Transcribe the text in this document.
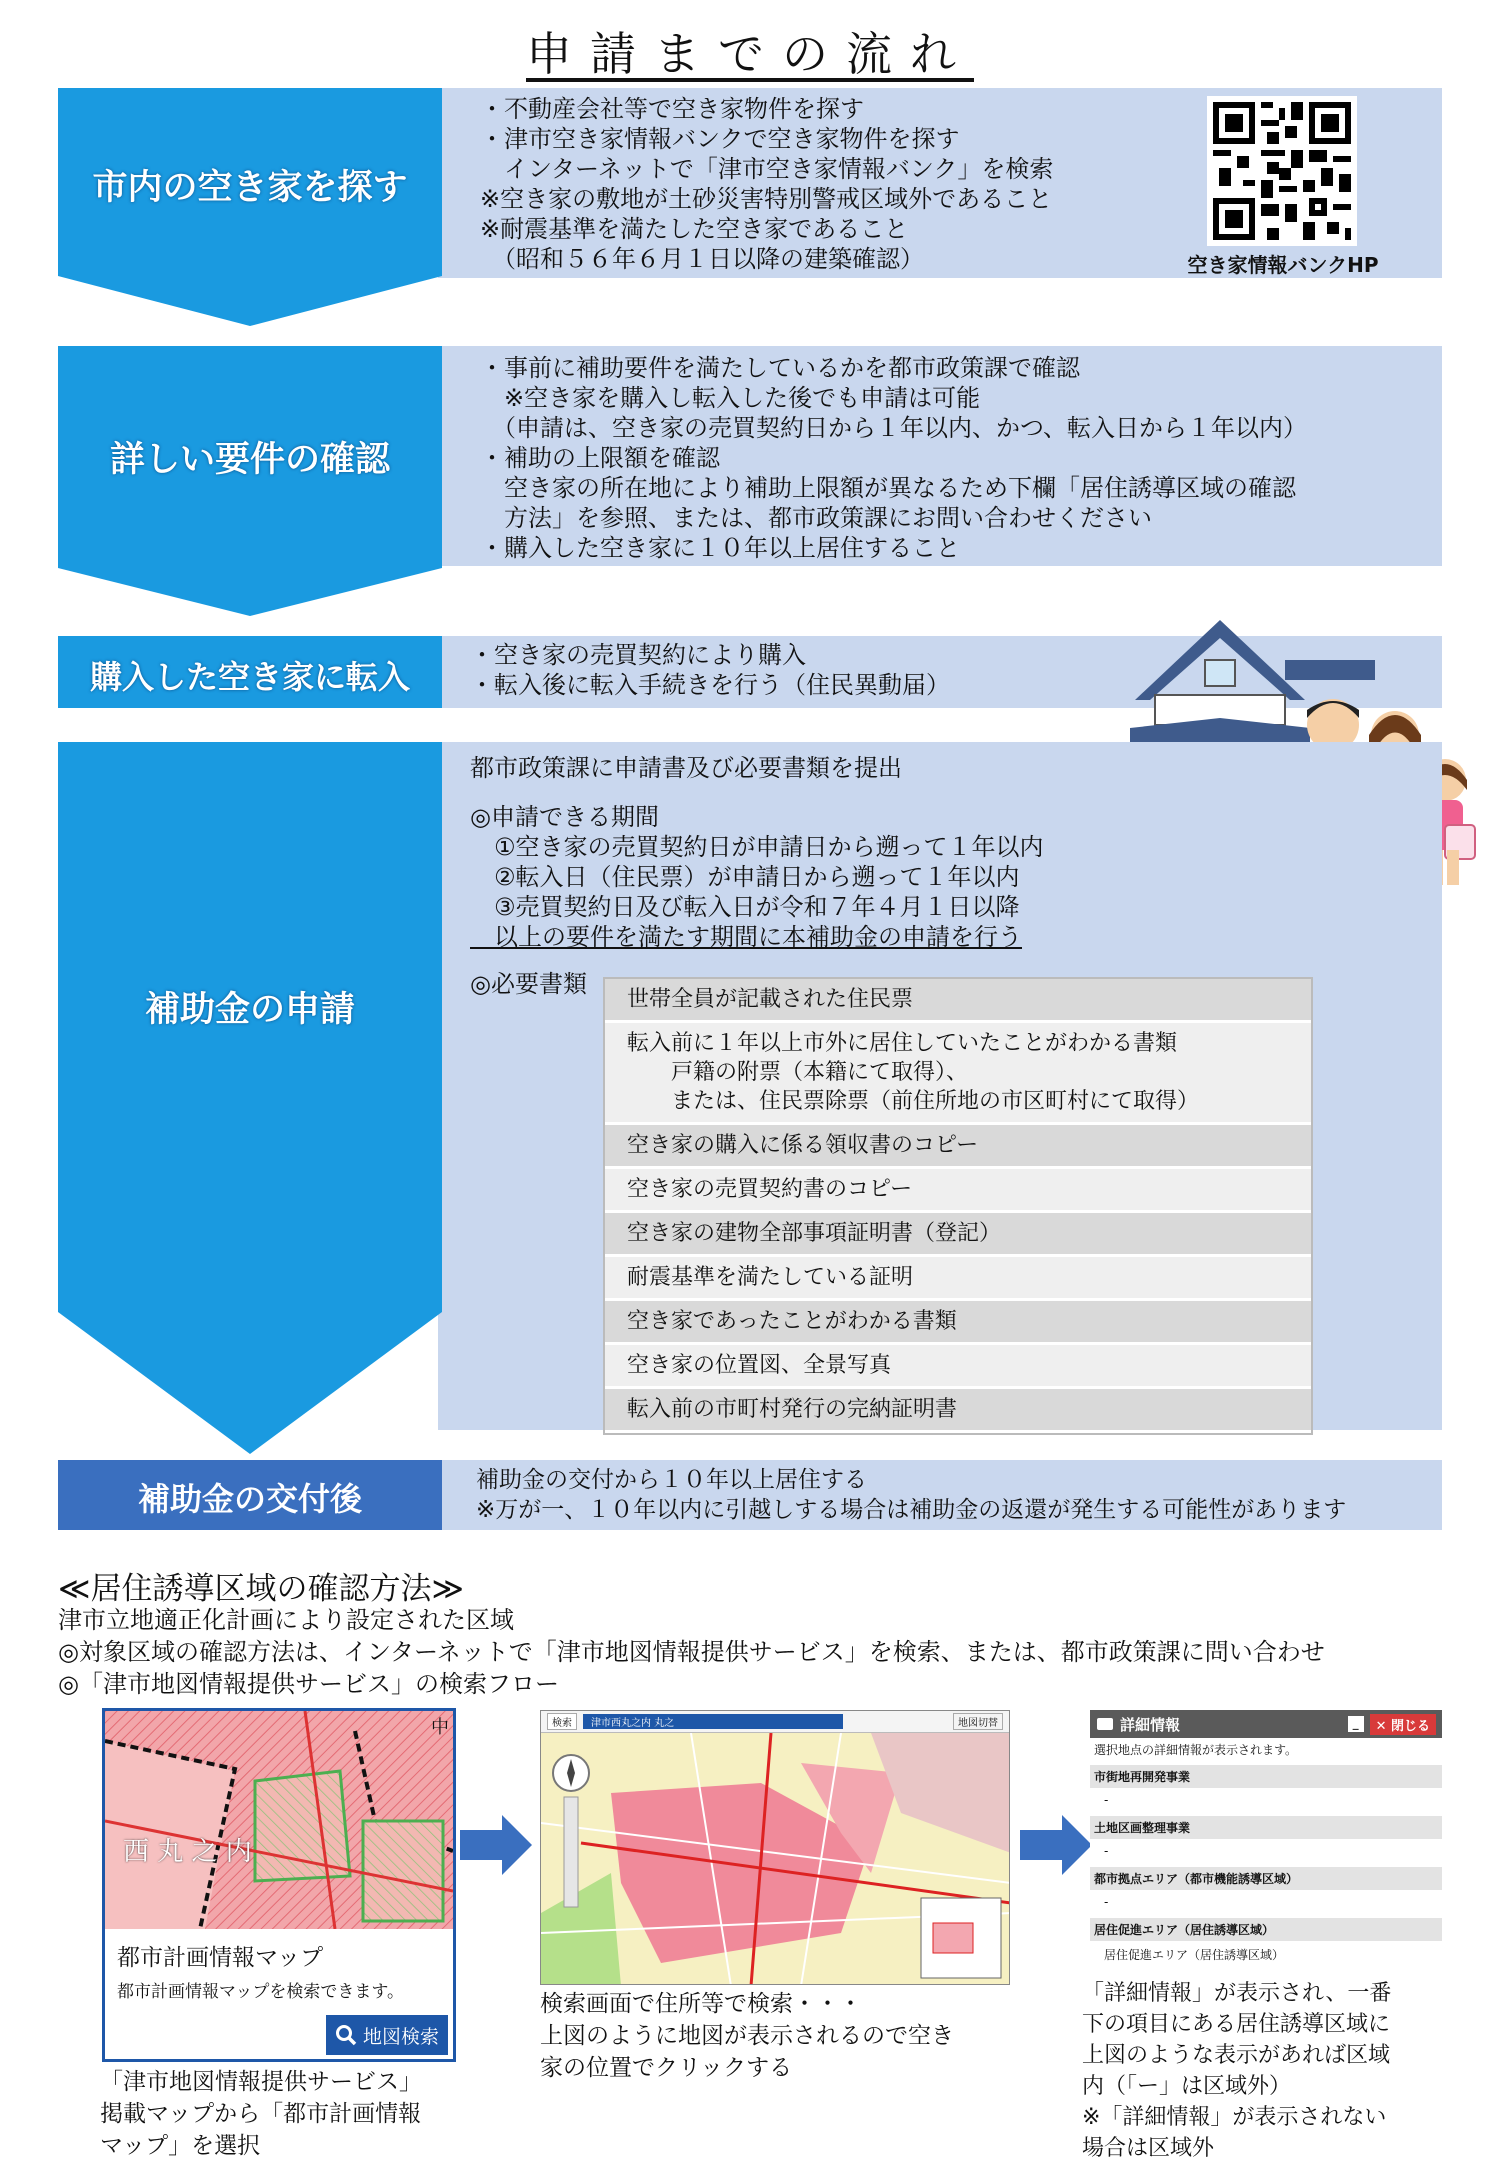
申請までの流れ
市内の空き家を探す
・不動産会社等で空き家物件を探す
・津市空き家情報バンクで空き家物件を探す
　インターネットで「津市空き家情報バンク」を検索
※空き家の敷地が土砂災害特別警戒区域外であること
※耐震基準を満たした空き家であること
　（昭和５６年６月１日以降の建築確認）	空き家情報バンクHP
詳しい要件の確認
・事前に補助要件を満たしているかを都市政策課で確認
　※空き家を購入し転入した後でも申請は可能
　（申請は、空き家の売買契約日から１年以内、かつ、転入日から１年以内）
・補助の上限額を確認
　空き家の所在地により補助上限額が異なるため下欄「居住誘導区域の確認
　方法」を参照、または、都市政策課にお問い合わせください
・購入した空き家に１０年以上居住すること
購入した空き家に転入
・空き家の売買契約により購入
・転入後に転入手続きを行う（住民異動届）
補助金の申請
都市政策課に申請書及び必要書類を提出
◎申請できる期間
　①空き家の売買契約日が申請日から遡って１年以内
　②転入日（住民票）が申請日から遡って１年以内
　③売買契約日及び転入日が令和７年４月１日以降
　以上の要件を満たす期間に本補助金の申請を行う
◎必要書類
世帯全員が記載された住民票
転入前に１年以上市外に居住していたことがわかる書類
　　戸籍の附票（本籍にて取得）、
　　または、住民票除票（前住所地の市区町村にて取得）
空き家の購入に係る領収書のコピー
空き家の売買契約書のコピー
空き家の建物全部事項証明書（登記）
耐震基準を満たしている証明
空き家であったことがわかる書類
空き家の位置図、全景写真
転入前の市町村発行の完納証明書
補助金の交付後	補助金の交付から１０年以上居住する
※万が一、１０年以内に引越しする場合は補助金の返還が発生する可能性があります
≪居住誘導区域の確認方法≫
津市立地適正化計画により設定された区域
◎対象区域の確認方法は、インターネットで「津市地図情報提供サービス」を検索、または、都市政策課に問い合わせ
◎「津市地図情報提供サービス」の検索フロー
西 丸 之 内
中
都市計画情報マップ
都市計画情報マップを検索できます。
地図検索
検索	津市西丸之内 丸之	地図切替	詳細情報	_	✕ 閉じる
選択地点の詳細情報が表示されます。
市街地再開発事業
-
土地区画整理事業
-
都市拠点エリア（都市機能誘導区域）
-
居住促進エリア（居住誘導区域）
居住促進エリア（居住誘導区域）
「津市地図情報提供サービス」
掲載マップから「都市計画情報
マップ」を選択
検索画面で住所等で検索・・・
上図のように地図が表示されるので空き
家の位置でクリックする
「詳細情報」が表示され、一番
下の項目にある居住誘導区域に
上図のような表示があれば区域
内（「ー」は区域外）
※「詳細情報」が表示されない
場合は区域外
